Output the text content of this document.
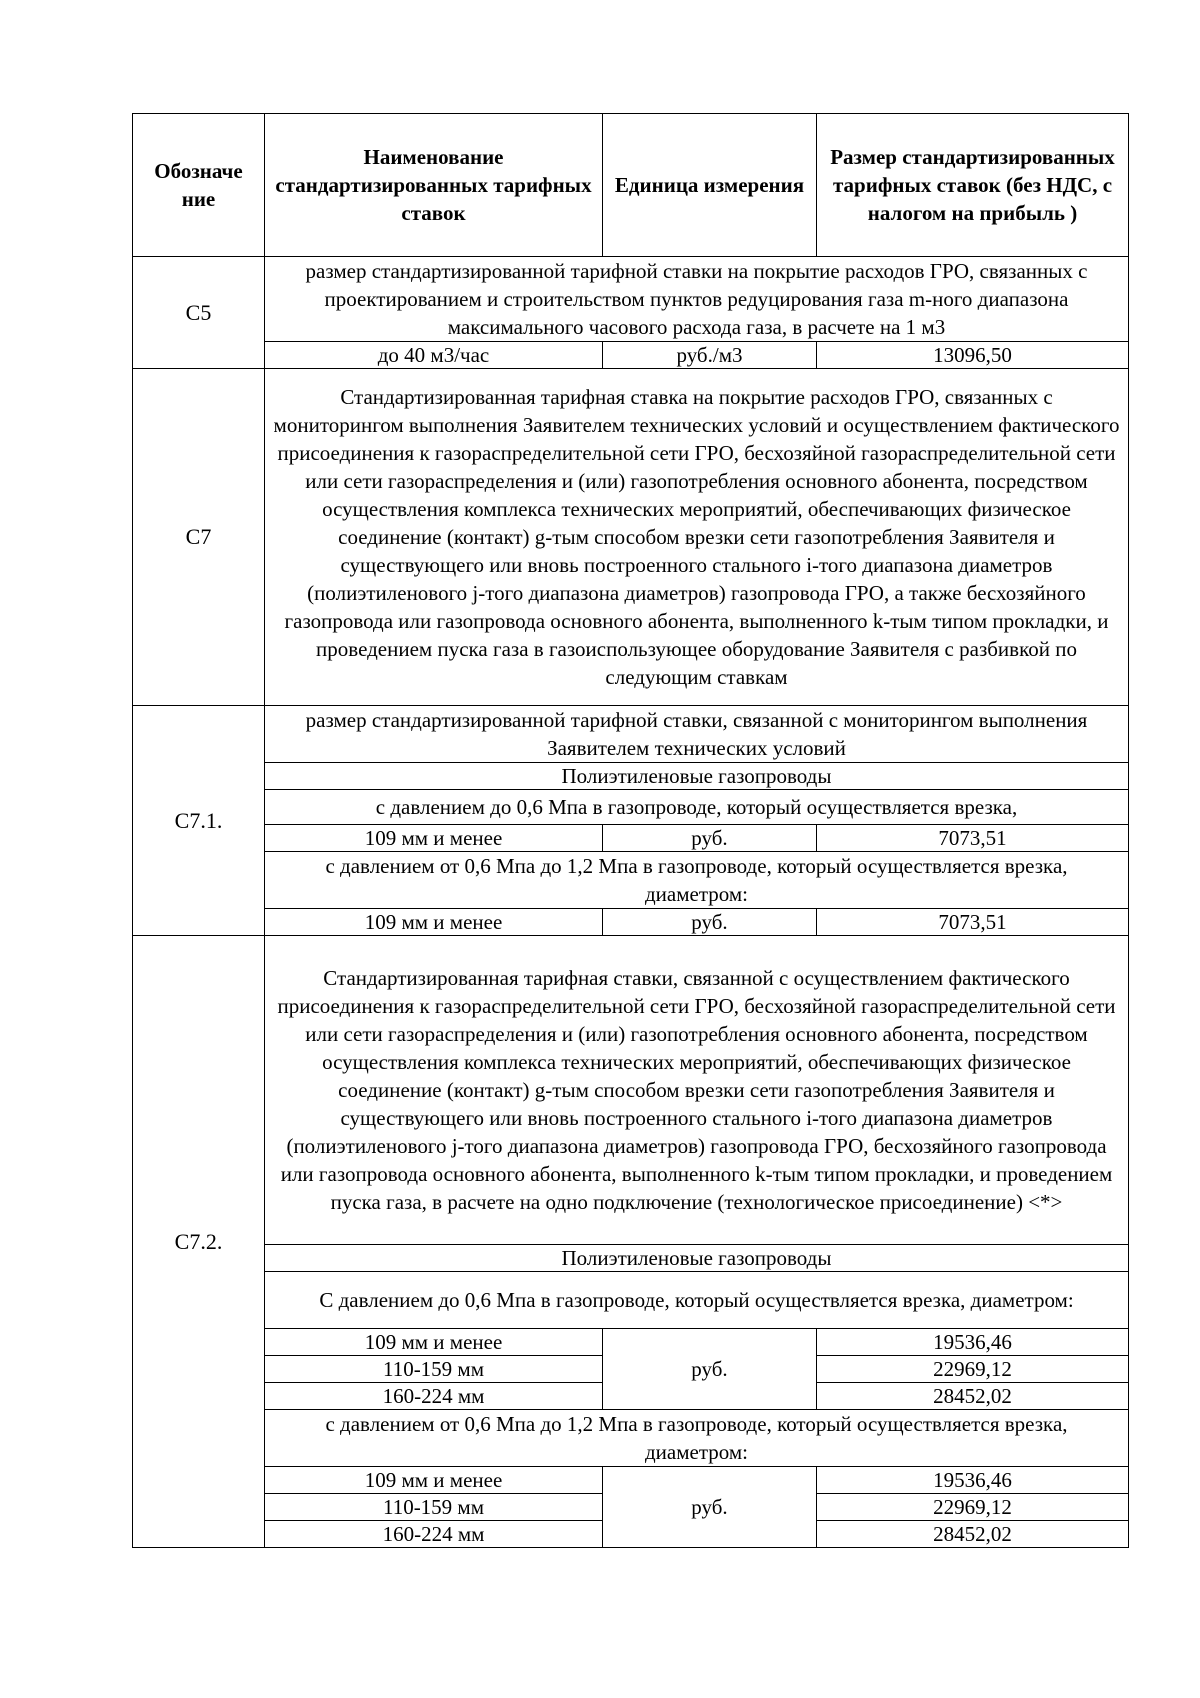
Обозначе ние	Наименование стандартизированных тарифных ставок	Единица измерения	Размер стандартизированных тарифных ставок (без НДС, с налогом на прибыль )
С5	размер стандартизированной тарифной ставки на покрытие расходов ГРО, связанных с проектированием и строительством пунктов редуцирования газа m-ного диапазона максимального часового расхода газа, в расчете на 1 м3		
	до 40 м3/час	руб./м3	13096,50
С7	Стандартизированная тарифная ставка на покрытие расходов ГРО, связанных с мониторингом выполнения Заявителем технических условий и осуществлением фактического присоединения к газораспределительной сети ГРО, бесхозяйной газораспределительной сети или сети газораспределения и (или) газопотребления основного абонента, посредством осуществления комплекса технических мероприятий, обеспечивающих физическое соединение (контакт) g-тым способом врезки сети газопотребления Заявителя и существующего или вновь построенного стального i-того диапазона диаметров (полиэтиленового j-того диапазона диаметров) газопровода ГРО, а также бесхозяйного газопровода или газопровода основного абонента, выполненного k-тым типом прокладки, и проведением пуска газа в газоиспользующее оборудование Заявителя с разбивкой по следующим ставкам		
С7.1.	размер стандартизированной тарифной ставки, связанной с мониторингом выполнения Заявителем технических условий		
	Полиэтиленовые газопроводы		
	с давлением до 0,6 Мпа в газопроводе, который осуществляется врезка,		
	109 мм и менее	руб.	7073,51
	с давлением от 0,6 Мпа до 1,2 Мпа в газопроводе, который осуществляется врезка, диаметром:		
	109 мм и менее	руб.	7073,51
С7.2.	Стандартизированная тарифная ставки, связанной с осуществлением фактического присоединения к газораспределительной сети ГРО, бесхозяйной газораспределительной сети или сети газораспределения и (или) газопотребления основного абонента, посредством осуществления комплекса технических мероприятий, обеспечивающих физическое соединение (контакт) g-тым способом врезки сети газопотребления Заявителя и существующего или вновь построенного стального i-того диапазона диаметров (полиэтиленового j-того диапазона диаметров) газопровода ГРО, бесхозяйного газопровода или газопровода основного абонента, выполненного k-тым типом прокладки, и проведением пуска газа, в расчете на одно подключение (технологическое присоединение) <*>		
	Полиэтиленовые газопроводы		
	С давлением до 0,6 Мпа в газопроводе, который осуществляется врезка, диаметром:		
	109 мм и менее	руб.	19536,46
	110-159 мм		22969,12
	160-224 мм		28452,02
	с давлением от 0,6 Мпа до 1,2 Мпа в газопроводе, который осуществляется врезка, диаметром:		
	109 мм и менее	руб.	19536,46
	110-159 мм		22969,12
	160-224 мм		28452,02
